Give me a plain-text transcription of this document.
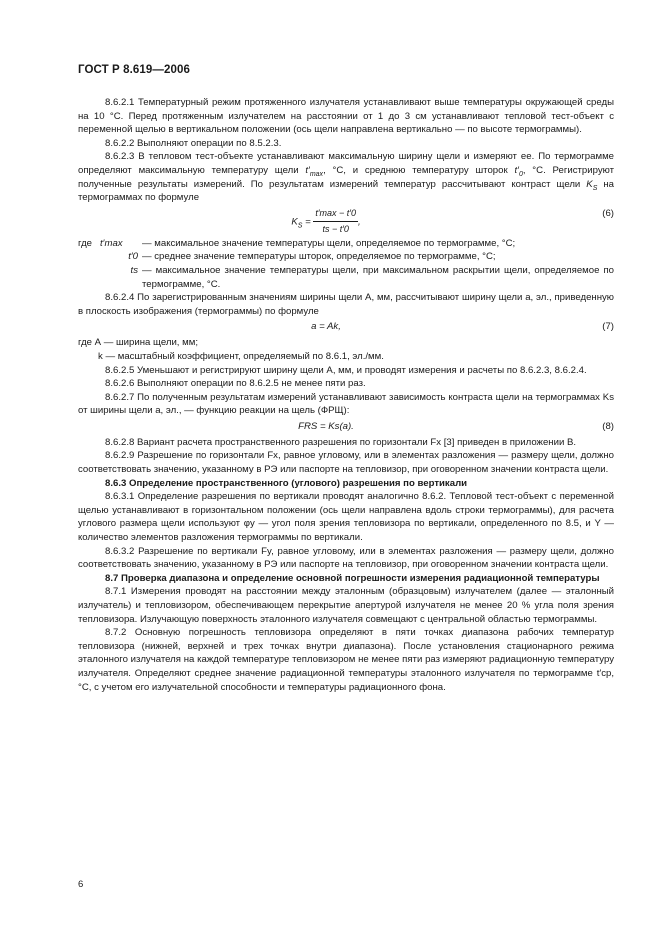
ГОСТ Р 8.619—2006

8.6.2.1 Температурный режим протяженного излучателя устанавливают выше температуры окружающей среды на 10 °С. Перед протяженным излучателем на расстоянии от 1 до 3 см устанавливают тепловой тест-объект с переменной щелью в вертикальном положении (ось щели направлена вертикально — по высоте термограммы).

8.6.2.2 Выполняют операции по 8.5.2.3.

8.6.2.3 В тепловом тест-объекте устанавливают максимальную ширину щели и измеряют ее. По термограмме определяют максимальную температуру щели $t'_{max}$, °С, и среднюю температуру шторок $t'_0$, °С. Регистрируют полученные результаты измерений. По результатам измерений температур рассчитывают контраст щели $K_S$ на термограммах по формуле

$K_S = \frac{t'\max - t'0}{ts - t'0}$ ,
(6)
где t′max	— максимальное значение температуры щели, определяемое по термограмме, °С;
t′0 — среднее значение температуры шторок, определяемое по термограмме, °С;
ts — максимальное значение температуры щели, при максимальном раскрытии щели, определяемое по термограмме, °С.

8.6.2.4 По зарегистрированным значениям ширины щели А, мм, рассчитывают ширину щели а, эл., приведенную в плоскость изображения (термограммы) по формуле

a = Ak,	(7)

где А — ширина щели, мм;

k — масштабный коэффициент, определяемый по 8.6.1, эл./мм.

8.6.2.5 Уменьшают и регистрируют ширину щели А, мм, и проводят измерения и расчеты по 8.6.2.3, 8.6.2.4.

8.6.2.6 Выполняют операции по 8.6.2.5 не менее пяти раз.

8.6.2.7 По полученным результатам измерений устанавливают зависимость контраста щели на термограммах Ks от ширины щели а, эл., — функцию реакции на щель (ФРЩ):

FRS = Ks(a).	(8)

8.6.2.8 Вариант расчета пространственного разрешения по горизонтали Fx [3] приведен в приложении В.

8.6.2.9 Разрешение по горизонтали Fx, равное угловому, или в элементах разложения — размеру щели, должно соответствовать значению, указанному в РЭ или паспорте на тепловизор, при оговоренном значении контраста щели.

8.6.3 Определение пространственного (углового) разрешения по вертикали

8.6.3.1 Определение разрешения по вертикали проводят аналогично 8.6.2. Тепловой тест-объект с переменной щелью устанавливают в горизонтальном положении (ось щели направлена вдоль строки термограммы), для расчета углового размера щели используют φy — угол поля зрения тепловизора по вертикали, определенного по 8.5, и Y — количество элементов разложения термограммы по вертикали.

8.6.3.2 Разрешение по вертикали Fy, равное угловому, или в элементах разложения — размеру щели, должно соответствовать значению, указанному в РЭ или паспорте на тепловизор, при оговоренном значении контраста щели.

8.7 Проверка диапазона и определение основной погрешности измерения радиационной температуры

8.7.1 Измерения проводят на расстоянии между эталонным (образцовым) излучателем (далее — эталонный излучатель) и тепловизором, обеспечивающем перекрытие апертурой излучателя не менее 20 % угла поля зрения тепловизора. Излучающую поверхность эталонного излучателя совмещают с центральной областью термограммы.

8.7.2 Основную погрешность тепловизора определяют в пяти точках диапазона рабочих температур тепловизора (нижней, верхней и трех точках внутри диапазона). После установления стационарного режима эталонного излучателя на каждой температуре тепловизором не менее пяти раз измеряют радиационную температуру излучателя. Определяют среднее значение радиационной температуры эталонного излучателя по термограмме t′ср, °С, с учетом его излучательной способности и температуры радиационного фона.

6
